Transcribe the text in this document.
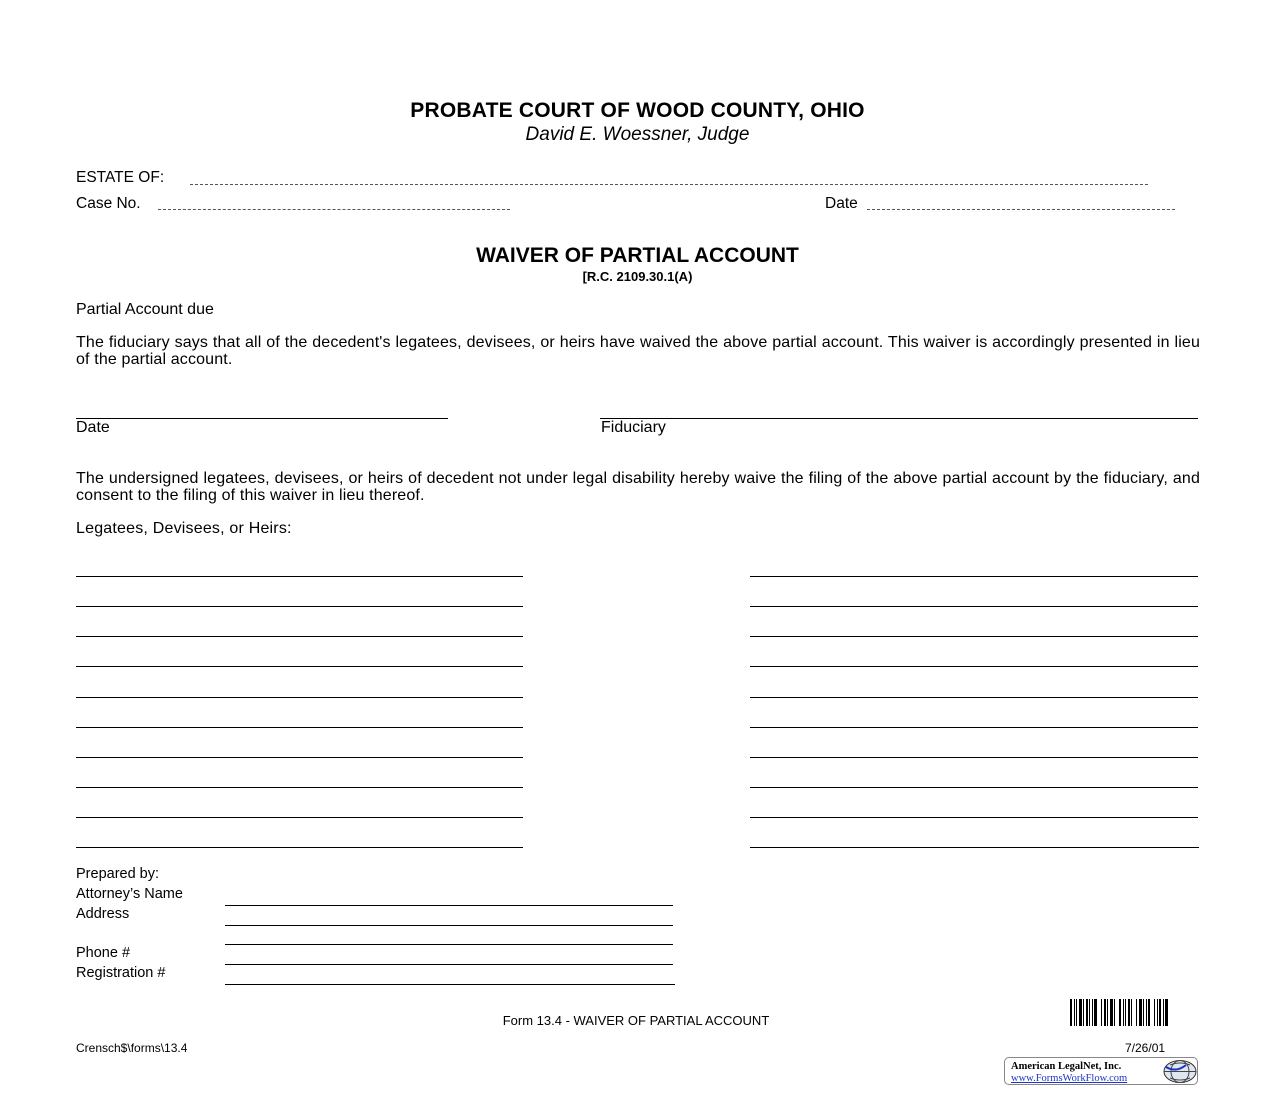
PROBATE COURT OF WOOD COUNTY, OHIO
David E. Woessner, Judge
ESTATE OF:
Case No.	Date
WAIVER OF PARTIAL ACCOUNT
[R.C. 2109.30.1(A)
Partial Account due
The fiduciary says that all of the decedent's legatees, devisees, or heirs have waived the above partial account. This waiver is accordingly presented in lieu of the partial account.
Date	Fiduciary
The undersigned legatees, devisees, or heirs of decedent not under legal disability hereby waive the filing of the above partial account by the fiduciary, and consent to the filing of this waiver in lieu thereof.
Legatees, Devisees, or Heirs:
Prepared by:
Attorney’s Name
Address
Phone #
Registration #
Form 13.4 - WAIVER OF PARTIAL ACCOUNT
Crensch$\forms\13.4	7/26/01
American LegalNet, Inc.
www.FormsWorkFlow.com
